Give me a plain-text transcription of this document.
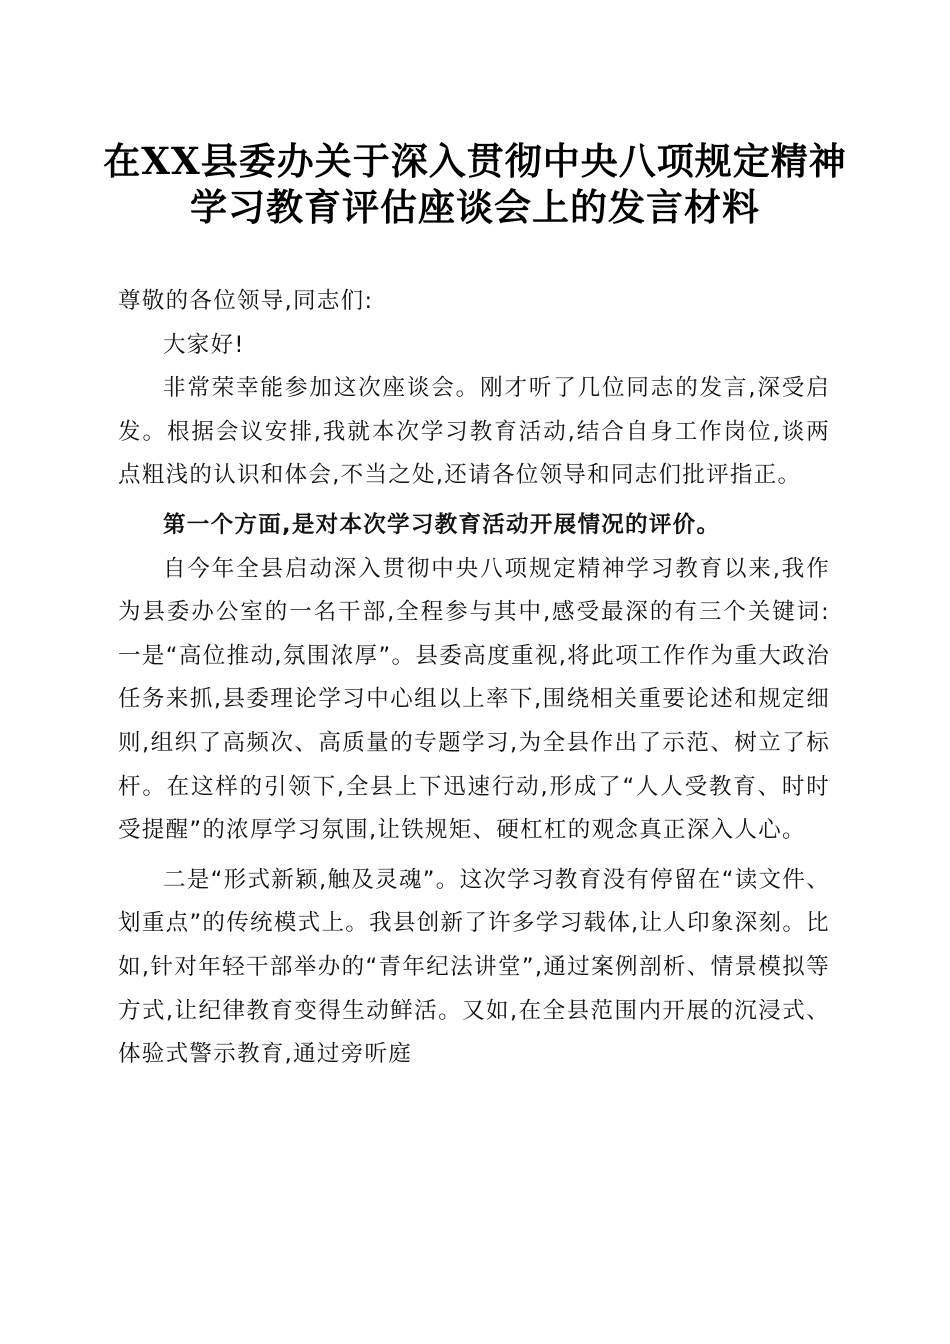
在XX县委办关于深入贯彻中央八项规定精神
学习教育评估座谈会上的发言材料

尊敬的各位领导,同志们:

大家好!

非常荣幸能参加这次座谈会。刚才听了几位同志的发言,深受启发。根据会议安排,我就本次学习教育活动,结合自身工作岗位,谈两点粗浅的认识和体会,不当之处,还请各位领导和同志们批评指正。

第一个方面,是对本次学习教育活动开展情况的评价。

自今年全县启动深入贯彻中央八项规定精神学习教育以来,我作为县委办公室的一名干部,全程参与其中,感受最深的有三个关键词:一是“高位推动,氛围浓厚”。县委高度重视,将此项工作作为重大政治任务来抓,县委理论学习中心组以上率下,围绕相关重要论述和规定细则,组织了高频次、高质量的专题学习,为全县作出了示范、树立了标杆。在这样的引领下,全县上下迅速行动,形成了“人人受教育、时时受提醒”的浓厚学习氛围,让铁规矩、硬杠杠的观念真正深入人心。

二是“形式新颖,触及灵魂”。这次学习教育没有停留在“读文件、划重点”的传统模式上。我县创新了许多学习载体,让人印象深刻。比如,针对年轻干部举办的“青年纪法讲堂”,通过案例剖析、情景模拟等方式,让纪律教育变得生动鲜活。又如,在全县范围内开展的沉浸式、体验式警示教育,通过旁听庭
